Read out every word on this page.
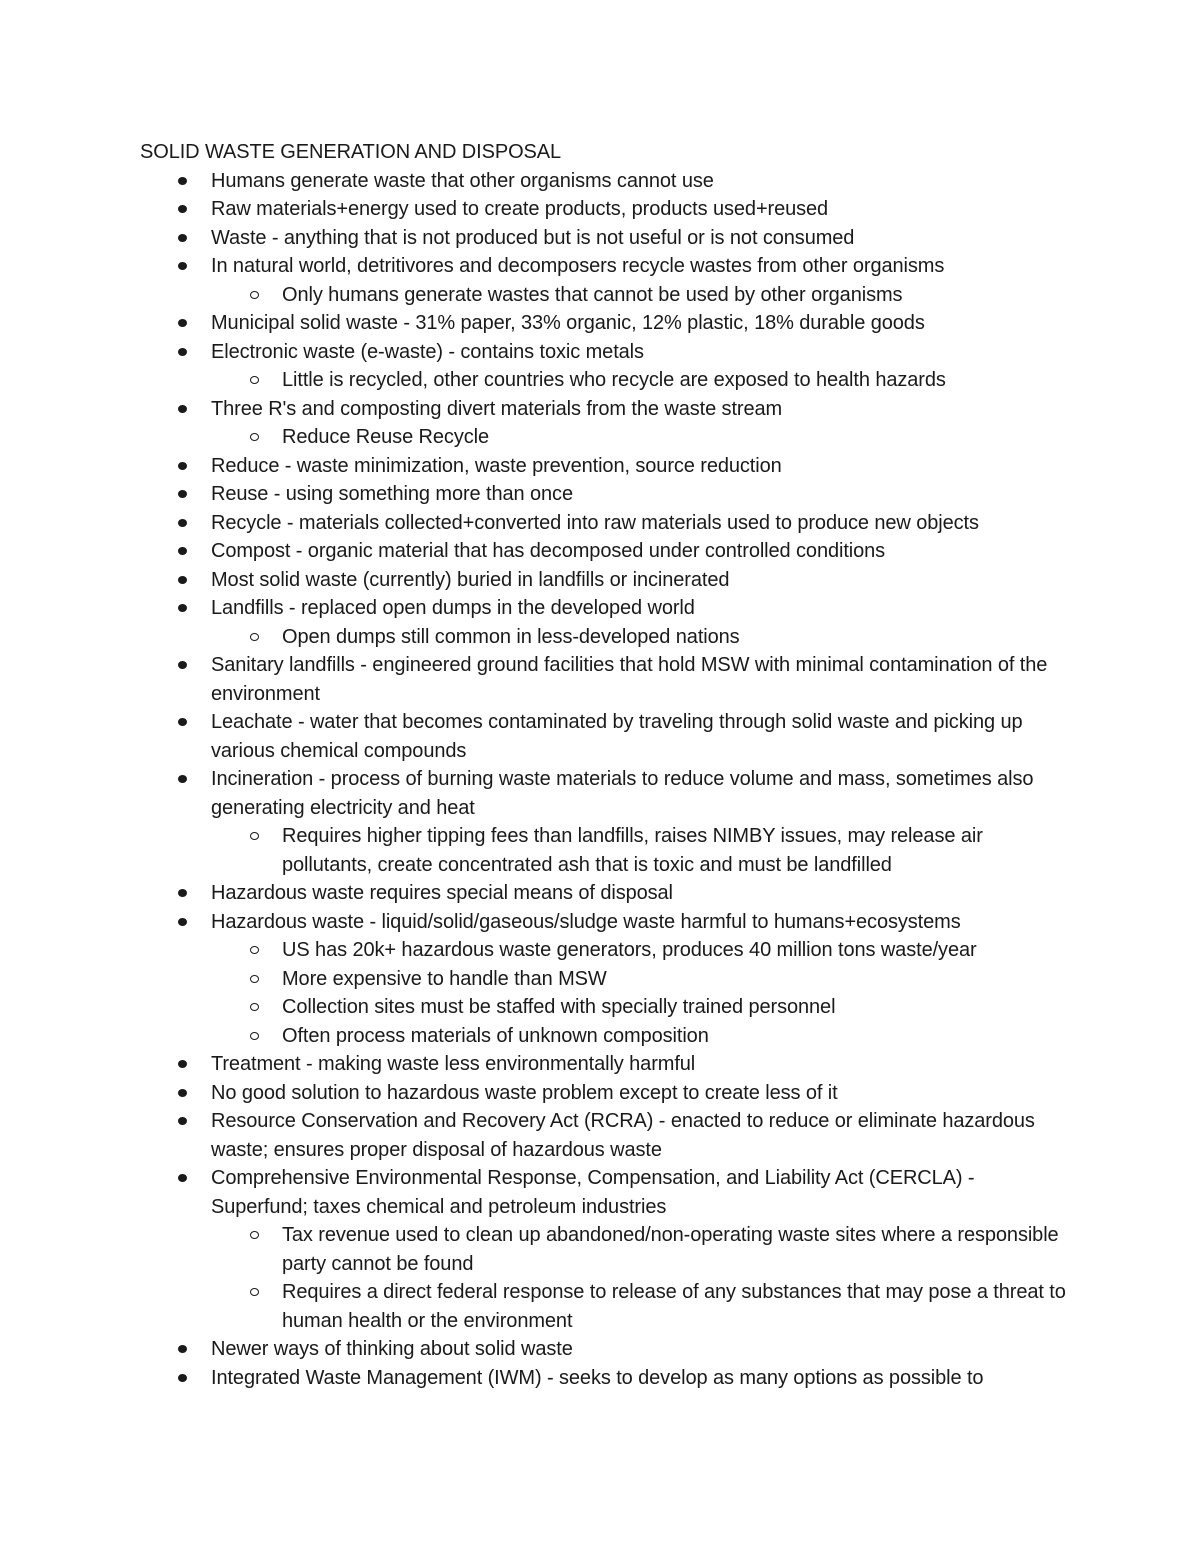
SOLID WASTE GENERATION AND DISPOSAL
Humans generate waste that other organisms cannot use
Raw materials+energy used to create products, products used+reused
Waste - anything that is not produced but is not useful or is not consumed
In natural world, detritivores and decomposers recycle wastes from other organisms
Only humans generate wastes that cannot be used by other organisms
Municipal solid waste - 31% paper, 33% organic, 12% plastic, 18% durable goods
Electronic waste (e-waste) - contains toxic metals
Little is recycled, other countries who recycle are exposed to health hazards
Three R's and composting divert materials from the waste stream
Reduce Reuse Recycle
Reduce - waste minimization, waste prevention, source reduction
Reuse - using something more than once
Recycle - materials collected+converted into raw materials used to produce new objects
Compost - organic material that has decomposed under controlled conditions
Most solid waste (currently) buried in landfills or incinerated
Landfills - replaced open dumps in the developed world
Open dumps still common in less-developed nations
Sanitary landfills - engineered ground facilities that hold MSW with minimal contamination of the environment
Leachate - water that becomes contaminated by traveling through solid waste and picking up various chemical compounds
Incineration - process of burning waste materials to reduce volume and mass, sometimes also generating electricity and heat
Requires higher tipping fees than landfills, raises NIMBY issues, may release air pollutants, create concentrated ash that is toxic and must be landfilled
Hazardous waste requires special means of disposal
Hazardous waste - liquid/solid/gaseous/sludge waste harmful to humans+ecosystems
US has 20k+ hazardous waste generators, produces 40 million tons waste/year
More expensive to handle than MSW
Collection sites must be staffed with specially trained personnel
Often process materials of unknown composition
Treatment - making waste less environmentally harmful
No good solution to hazardous waste problem except to create less of it
Resource Conservation and Recovery Act (RCRA) - enacted to reduce or eliminate hazardous waste; ensures proper disposal of hazardous waste
Comprehensive Environmental Response, Compensation, and Liability Act (CERCLA) - Superfund; taxes chemical and petroleum industries
Tax revenue used to clean up abandoned/non-operating waste sites where a responsible party cannot be found
Requires a direct federal response to release of any substances that may pose a threat to human health or the environment
Newer ways of thinking about solid waste
Integrated Waste Management (IWM) - seeks to develop as many options as possible to
